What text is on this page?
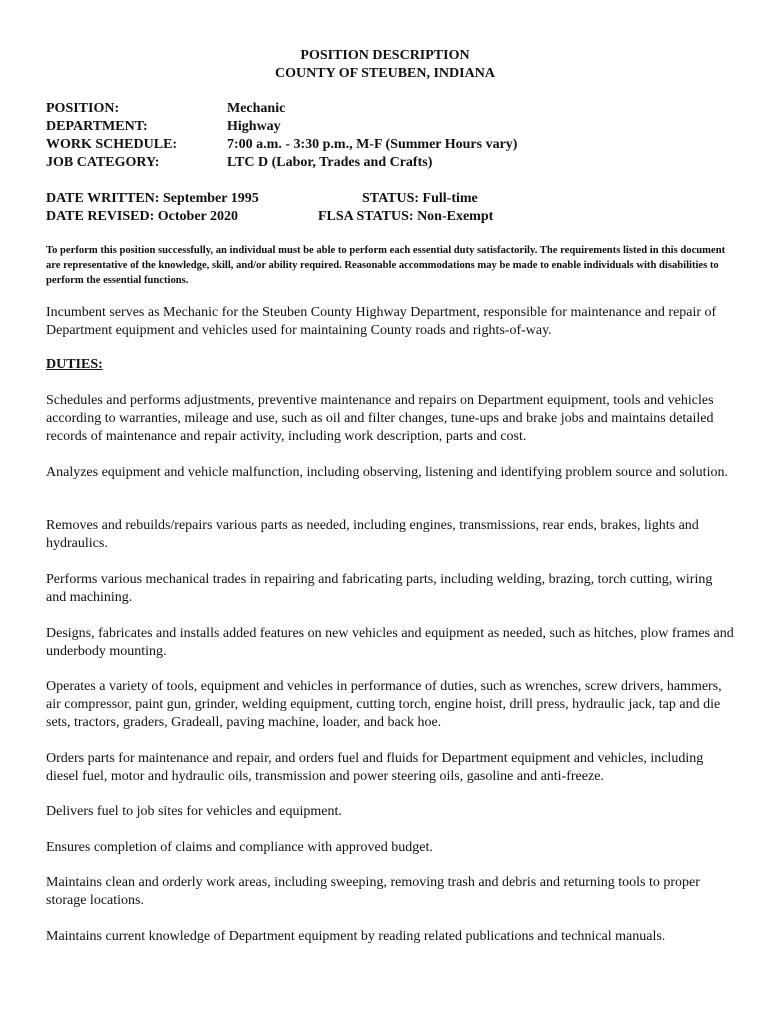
POSITION DESCRIPTION
COUNTY OF STEUBEN, INDIANA
POSITION:	Mechanic
DEPARTMENT:	Highway
WORK SCHEDULE:	7:00 a.m. - 3:30 p.m., M-F (Summer Hours vary)
JOB CATEGORY:	LTC D (Labor, Trades and Crafts)
DATE WRITTEN: September 1995	STATUS: Full-time
DATE REVISED: October 2020	FLSA STATUS: Non-Exempt
To perform this position successfully, an individual must be able to perform each essential duty satisfactorily. The requirements listed in this document are representative of the knowledge, skill, and/or ability required. Reasonable accommodations may be made to enable individuals with disabilities to perform the essential functions.
Incumbent serves as Mechanic for the Steuben County Highway Department, responsible for maintenance and repair of Department equipment and vehicles used for maintaining County roads and rights-of-way.
DUTIES:
Schedules and performs adjustments, preventive maintenance and repairs on Department equipment, tools and vehicles according to warranties, mileage and use, such as oil and filter changes, tune-ups and brake jobs and maintains detailed records of maintenance and repair activity, including work description, parts and cost.
Analyzes equipment and vehicle malfunction, including observing, listening and identifying problem source and solution.
Removes and rebuilds/repairs various parts as needed, including engines, transmissions, rear ends, brakes, lights and hydraulics.
Performs various mechanical trades in repairing and fabricating parts, including welding, brazing, torch cutting, wiring and machining.
Designs, fabricates and installs added features on new vehicles and equipment as needed, such as hitches, plow frames and underbody mounting.
Operates a variety of tools, equipment and vehicles in performance of duties, such as wrenches, screw drivers, hammers, air compressor, paint gun, grinder, welding equipment, cutting torch, engine hoist, drill press, hydraulic jack, tap and die sets, tractors, graders, Gradeall, paving machine, loader, and back hoe.
Orders parts for maintenance and repair, and orders fuel and fluids for Department equipment and vehicles, including diesel fuel, motor and hydraulic oils, transmission and power steering oils, gasoline and anti-freeze.
Delivers fuel to job sites for vehicles and equipment.
Ensures completion of claims and compliance with approved budget.
Maintains clean and orderly work areas, including sweeping, removing trash and debris and returning tools to proper storage locations.
Maintains current knowledge of Department equipment by reading related publications and technical manuals.
